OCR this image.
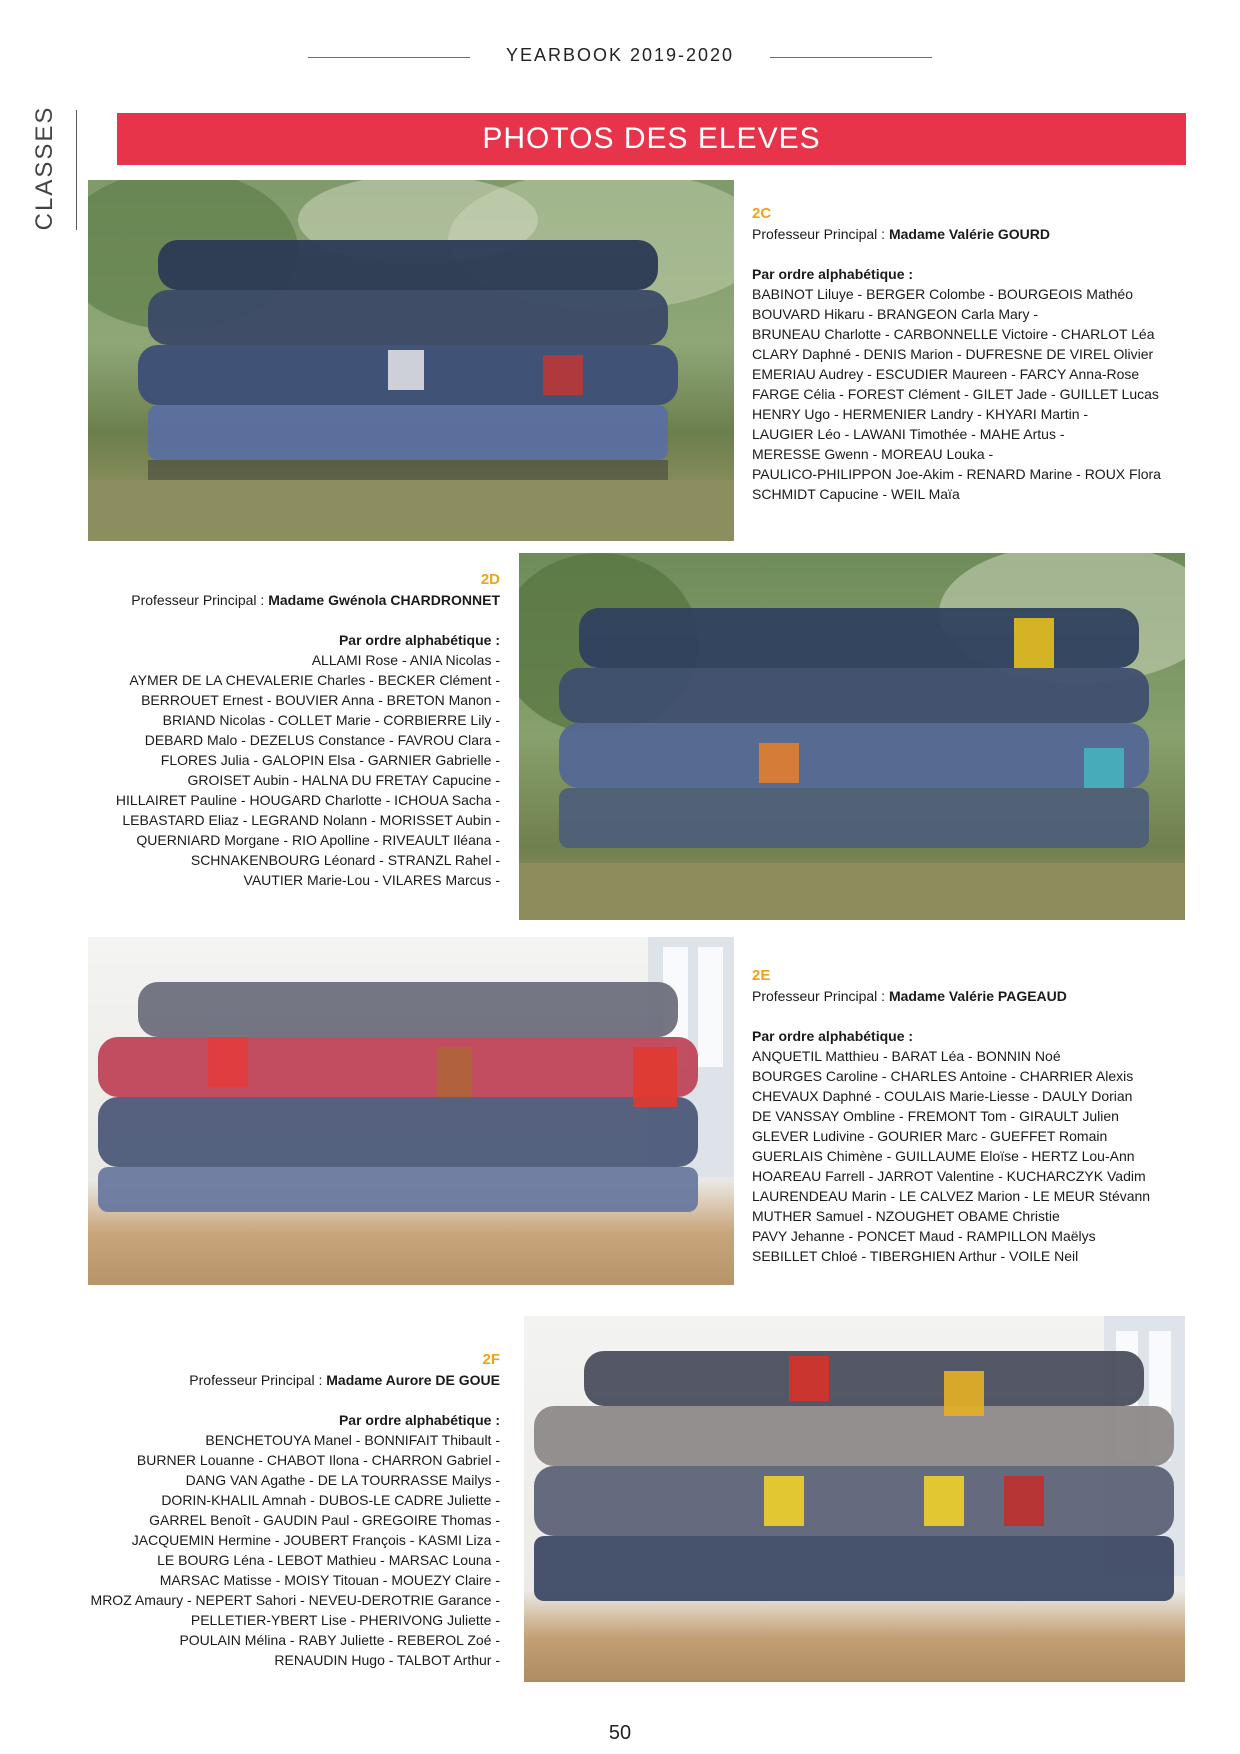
YEARBOOK 2019-2020
CLASSES	PHOTOS DES ELEVES
2C
Professeur Principal : Madame Valérie GOURD
Par ordre alphabétique :
BABINOT Liluye - BERGER Colombe - BOURGEOIS Mathéo
BOUVARD Hikaru - BRANGEON Carla Mary -
BRUNEAU Charlotte - CARBONNELLE Victoire - CHARLOT Léa
CLARY Daphné - DENIS Marion - DUFRESNE DE VIREL Olivier
EMERIAU Audrey - ESCUDIER Maureen - FARCY Anna-Rose
FARGE Célia - FOREST Clément - GILET Jade - GUILLET Lucas
HENRY Ugo - HERMENIER Landry - KHYARI Martin -
LAUGIER Léo - LAWANI Timothée - MAHE Artus -
MERESSE Gwenn - MOREAU Louka -
PAULICO-PHILIPPON Joe-Akim - RENARD Marine - ROUX Flora
SCHMIDT Capucine - WEIL Maïa
2D
Professeur Principal : Madame Gwénola CHARDRONNET
Par ordre alphabétique :
ALLAMI Rose - ANIA Nicolas -
AYMER DE LA CHEVALERIE Charles - BECKER Clément -
BERROUET Ernest - BOUVIER Anna - BRETON Manon -
BRIAND Nicolas - COLLET Marie - CORBIERRE Lily -
DEBARD Malo - DEZELUS Constance - FAVROU Clara -
FLORES Julia - GALOPIN Elsa - GARNIER Gabrielle -
GROISET Aubin - HALNA DU FRETAY Capucine -
HILLAIRET Pauline - HOUGARD Charlotte - ICHOUA Sacha -
LEBASTARD Eliaz - LEGRAND Nolann - MORISSET Aubin -
QUERNIARD Morgane - RIO Apolline - RIVEAULT Iléana -
SCHNAKENBOURG Léonard - STRANZL Rahel -
VAUTIER Marie-Lou - VILARES Marcus -
2E
Professeur Principal : Madame Valérie PAGEAUD
Par ordre alphabétique :
ANQUETIL Matthieu - BARAT Léa - BONNIN Noé
BOURGES Caroline - CHARLES Antoine - CHARRIER Alexis
CHEVAUX Daphné - COULAIS Marie-Liesse - DAULY Dorian
DE VANSSAY Ombline - FREMONT Tom - GIRAULT Julien
GLEVER Ludivine - GOURIER Marc - GUEFFET Romain
GUERLAIS Chimène - GUILLAUME Eloïse - HERTZ Lou-Ann
HOAREAU Farrell - JARROT Valentine - KUCHARCZYK Vadim
LAURENDEAU Marin - LE CALVEZ Marion - LE MEUR Stévann
MUTHER Samuel - NZOUGHET OBAME Christie
PAVY Jehanne - PONCET Maud - RAMPILLON Maëlys
SEBILLET Chloé - TIBERGHIEN Arthur - VOILE Neil
2F
Professeur Principal : Madame Aurore DE GOUE
Par ordre alphabétique :
BENCHETOUYA Manel - BONNIFAIT Thibault -
BURNER Louanne - CHABOT Ilona - CHARRON Gabriel -
DANG VAN Agathe - DE LA TOURRASSE Mailys -
DORIN-KHALIL Amnah - DUBOS-LE CADRE Juliette -
GARREL Benoît - GAUDIN Paul - GREGOIRE Thomas -
JACQUEMIN Hermine - JOUBERT François - KASMI Liza -
LE BOURG Léna - LEBOT Mathieu - MARSAC Louna -
MARSAC Matisse - MOISY Titouan - MOUEZY Claire -
MROZ Amaury - NEPERT Sahori - NEVEU-DEROTRIE Garance -
PELLETIER-YBERT Lise - PHERIVONG Juliette -
POULAIN Mélina - RABY Juliette - REBEROL Zoé -
RENAUDIN Hugo - TALBOT Arthur -
50
